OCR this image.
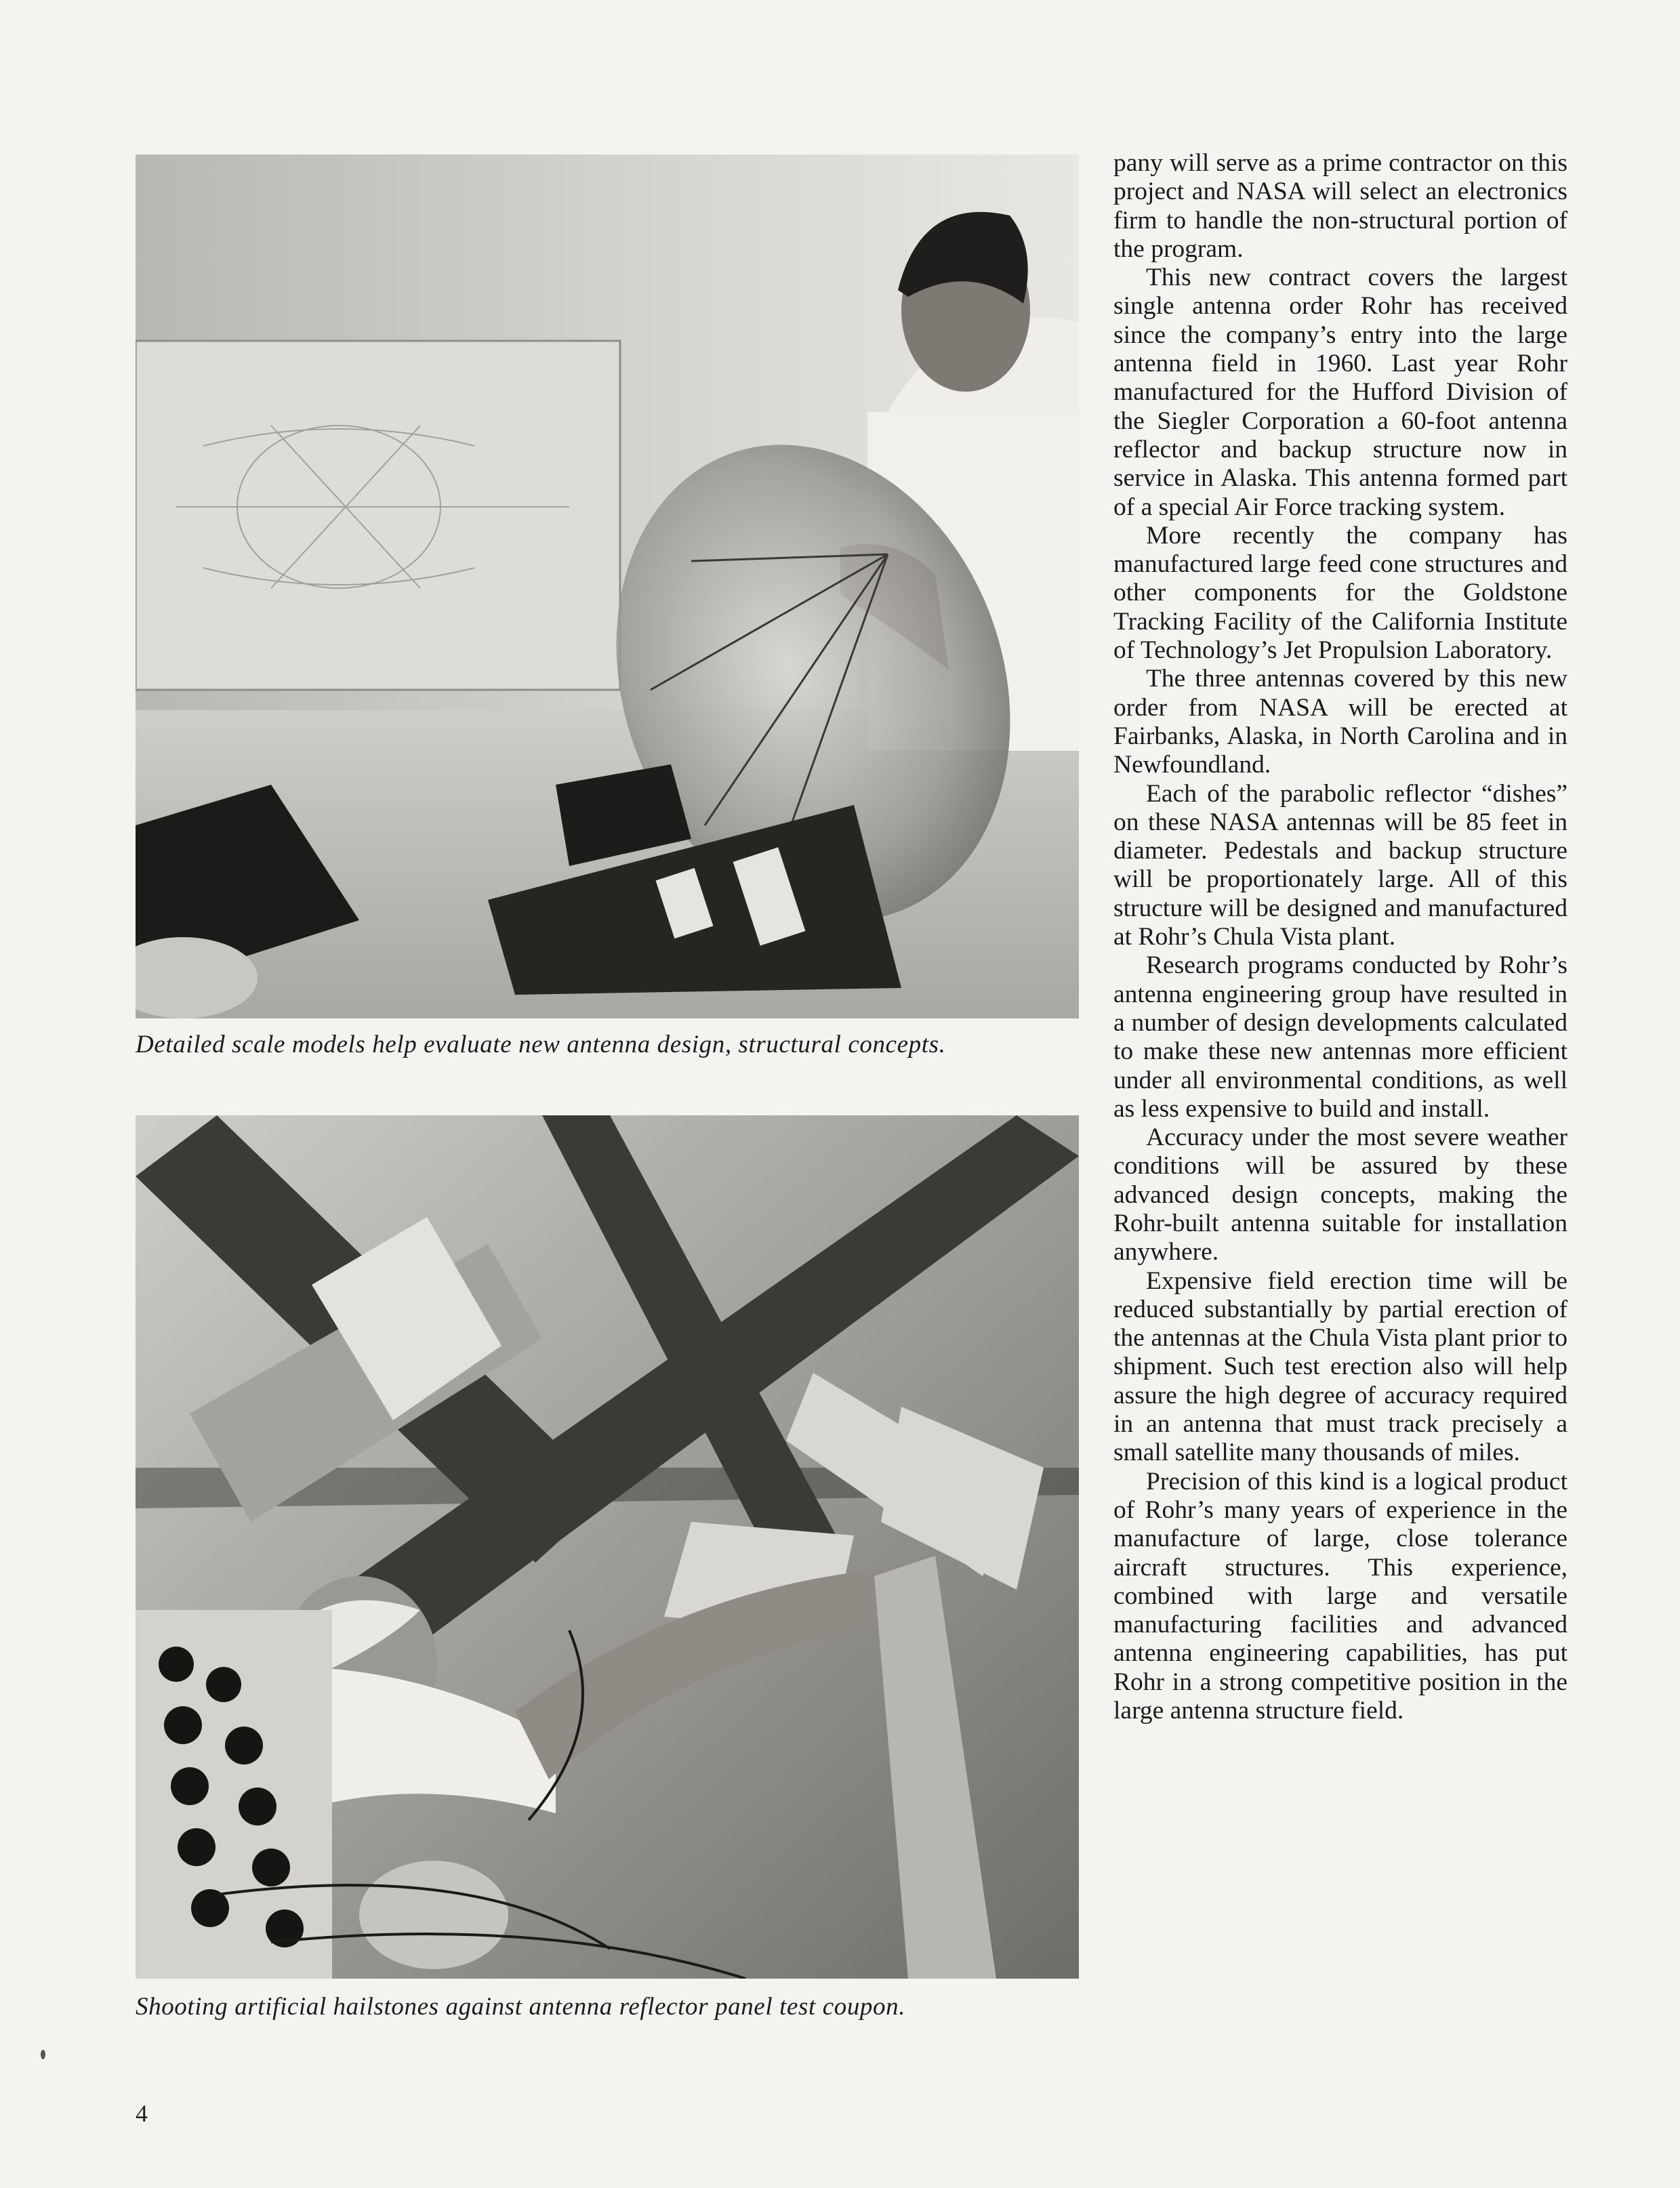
Detailed scale models help evaluate new antenna design, structural concepts.
Shooting artificial hailstones against antenna reflector panel test coupon.

pany will serve as a prime contractor on this project and NASA will select an electronics firm to handle the non-structural portion of the program.

This new contract covers the largest single antenna order Rohr has received since the company’s entry into the large antenna field in 1960. Last year Rohr manufactured for the Hufford Division of the Siegler Corporation a 60-foot antenna reflector and backup structure now in service in Alaska. This antenna formed part of a special Air Force tracking system.

More recently the company has manufactured large feed cone structures and other components for the Goldstone Tracking Facility of the California Institute of Technology’s Jet Propulsion Laboratory.

The three antennas covered by this new order from NASA will be erected at Fairbanks, Alaska, in North Carolina and in Newfoundland.

Each of the parabolic reflector “dishes” on these NASA antennas will be 85 feet in diameter. Pedestals and backup structure will be proportionately large. All of this structure will be designed and manufactured at Rohr’s Chula Vista plant.

Research programs conducted by Rohr’s antenna engineering group have resulted in a number of design developments calculated to make these new antennas more efficient under all environmental conditions, as well as less expensive to build and install.

Accuracy under the most severe weather conditions will be assured by these advanced design concepts, making the Rohr-built antenna suitable for installation anywhere.

Expensive field erection time will be reduced substantially by partial erection of the antennas at the Chula Vista plant prior to shipment. Such test erection also will help assure the high degree of accuracy required in an antenna that must track precisely a small satellite many thousands of miles.

Precision of this kind is a logical product of Rohr’s many years of experience in the manufacture of large, close tolerance aircraft structures. This experience, combined with large and versatile manufacturing facilities and advanced antenna engineering capabilities, has put Rohr in a strong competitive position in the large antenna structure field.

4
